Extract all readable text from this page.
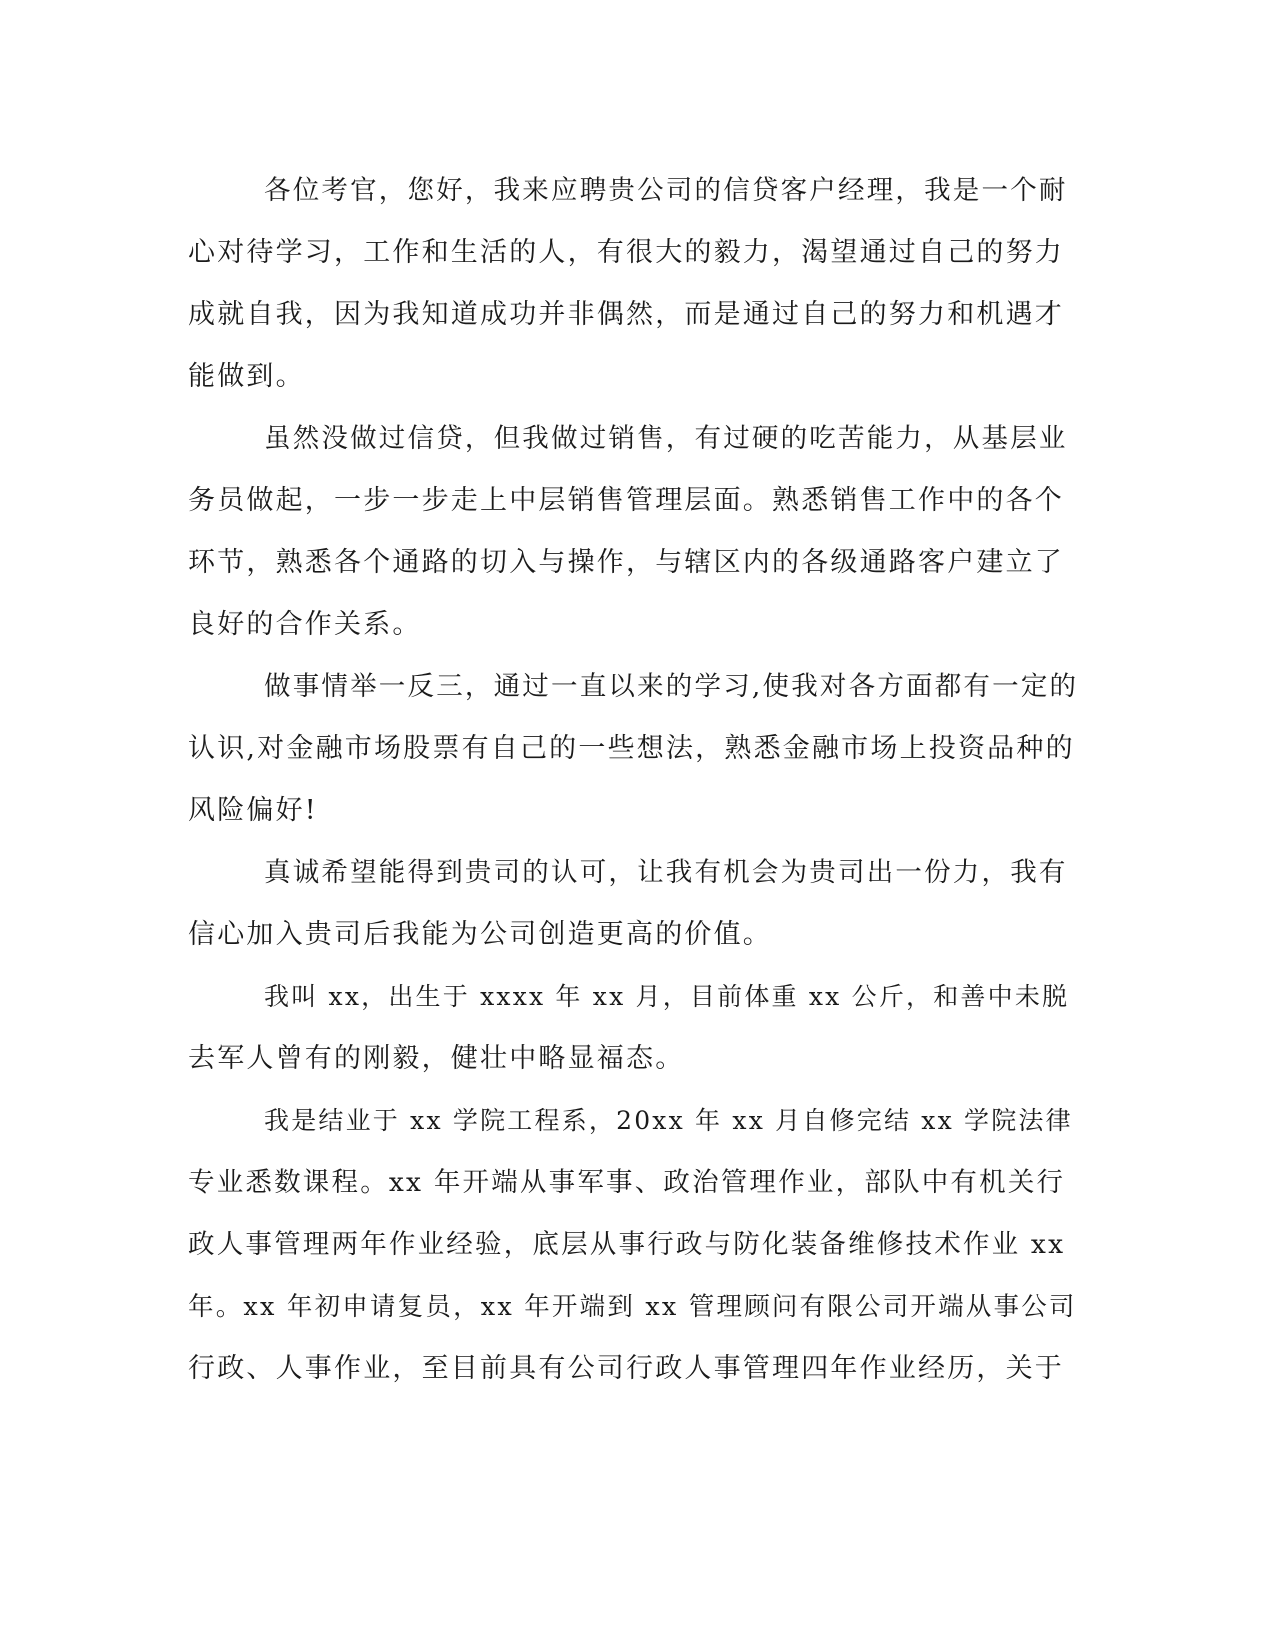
各位考官，您好，我来应聘贵公司的信贷客户经理，我是一个耐
心对待学习，工作和生活的人，有很大的毅力，渴望通过自己的努力
成就自我，因为我知道成功并非偶然，而是通过自己的努力和机遇才
能做到。
虽然没做过信贷，但我做过销售，有过硬的吃苦能力，从基层业
务员做起，一步一步走上中层销售管理层面。熟悉销售工作中的各个
环节，熟悉各个通路的切入与操作，与辖区内的各级通路客户建立了
良好的合作关系。
做事情举一反三，通过一直以来的学习,使我对各方面都有一定的
认识,对金融市场股票有自己的一些想法，熟悉金融市场上投资品种的
风险偏好!
真诚希望能得到贵司的认可，让我有机会为贵司出一份力，我有
信心加入贵司后我能为公司创造更高的价值。
我叫 xx，出生于 xxxx 年 xx 月，目前体重 xx 公斤，和善中未脱
去军人曾有的刚毅，健壮中略显福态。
我是结业于 xx 学院工程系，20xx 年 xx 月自修完结 xx 学院法律
专业悉数课程。xx 年开端从事军事、政治管理作业，部队中有机关行
政人事管理两年作业经验，底层从事行政与防化装备维修技术作业 xx
年。xx 年初申请复员，xx 年开端到 xx 管理顾问有限公司开端从事公司
行政、人事作业，至目前具有公司行政人事管理四年作业经历，关于
